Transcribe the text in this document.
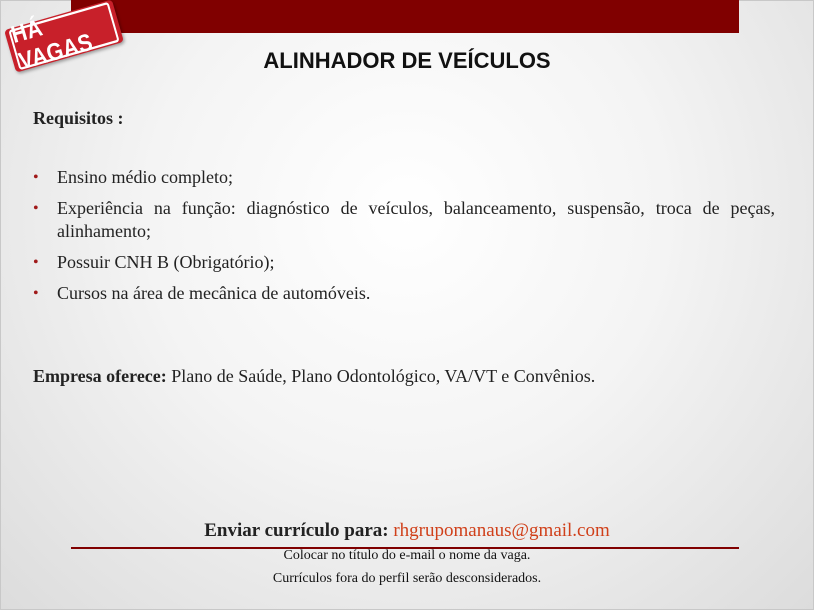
HÁ VAGAS	ALINHADOR DE VEÍCULOS
Requisitos :
• Ensino médio completo;
• Experiência na função: diagnóstico de veículos, balanceamento, suspensão, troca de peças, alinhamento;
• Possuir CNH B (Obrigatório);
• Cursos na área de mecânica de automóveis.
Empresa oferece: Plano de Saúde, Plano Odontológico, VA/VT e Convênios.
Enviar currículo para: rhgrupomanaus@gmail.com
Colocar no título do e-mail o nome da vaga.
Currículos fora do perfil serão desconsiderados.
